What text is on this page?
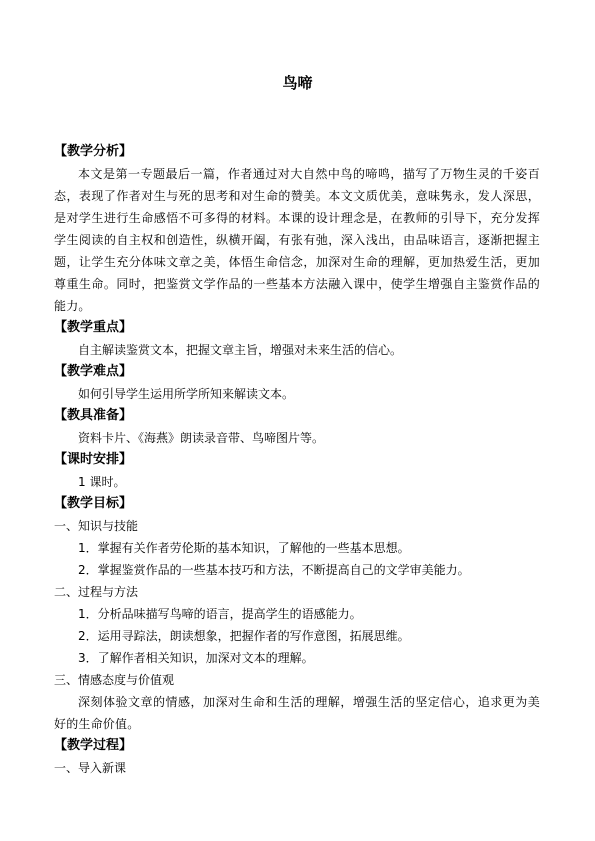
鸟啼
【教学分析】
本文是第一专题最后一篇，作者通过对大自然中鸟的啼鸣，描写了万物生灵的千姿百态，表现了作者对生与死的思考和对生命的赞美。本文文质优美，意味隽永，发人深思，是对学生进行生命感悟不可多得的材料。本课的设计理念是，在教师的引导下，充分发挥学生阅读的自主权和创造性，纵横开阖，有张有弛，深入浅出，由品味语言，逐渐把握主题，让学生充分体味文章之美，体悟生命信念，加深对生命的理解，更加热爱生活，更加尊重生命。同时，把鉴赏文学作品的一些基本方法融入课中，使学生增强自主鉴赏作品的能力。
【教学重点】
自主解读鉴赏文本，把握文章主旨，增强对未来生活的信心。
【教学难点】
如何引导学生运用所学所知来解读文本。
【教具准备】
资料卡片、《海燕》朗读录音带、鸟啼图片等。
【课时安排】
1 课时。
【教学目标】
一、知识与技能
1．掌握有关作者劳伦斯的基本知识，了解他的一些基本思想。
2．掌握鉴赏作品的一些基本技巧和方法，不断提高自己的文学审美能力。
二、过程与方法
1．分析品味描写鸟啼的语言，提高学生的语感能力。
2．运用寻踪法，朗读想象，把握作者的写作意图，拓展思维。
3．了解作者相关知识，加深对文本的理解。
三、情感态度与价值观
深刻体验文章的情感，加深对生命和生活的理解，增强生活的坚定信心，追求更为美好的生命价值。
【教学过程】
一、导入新课
